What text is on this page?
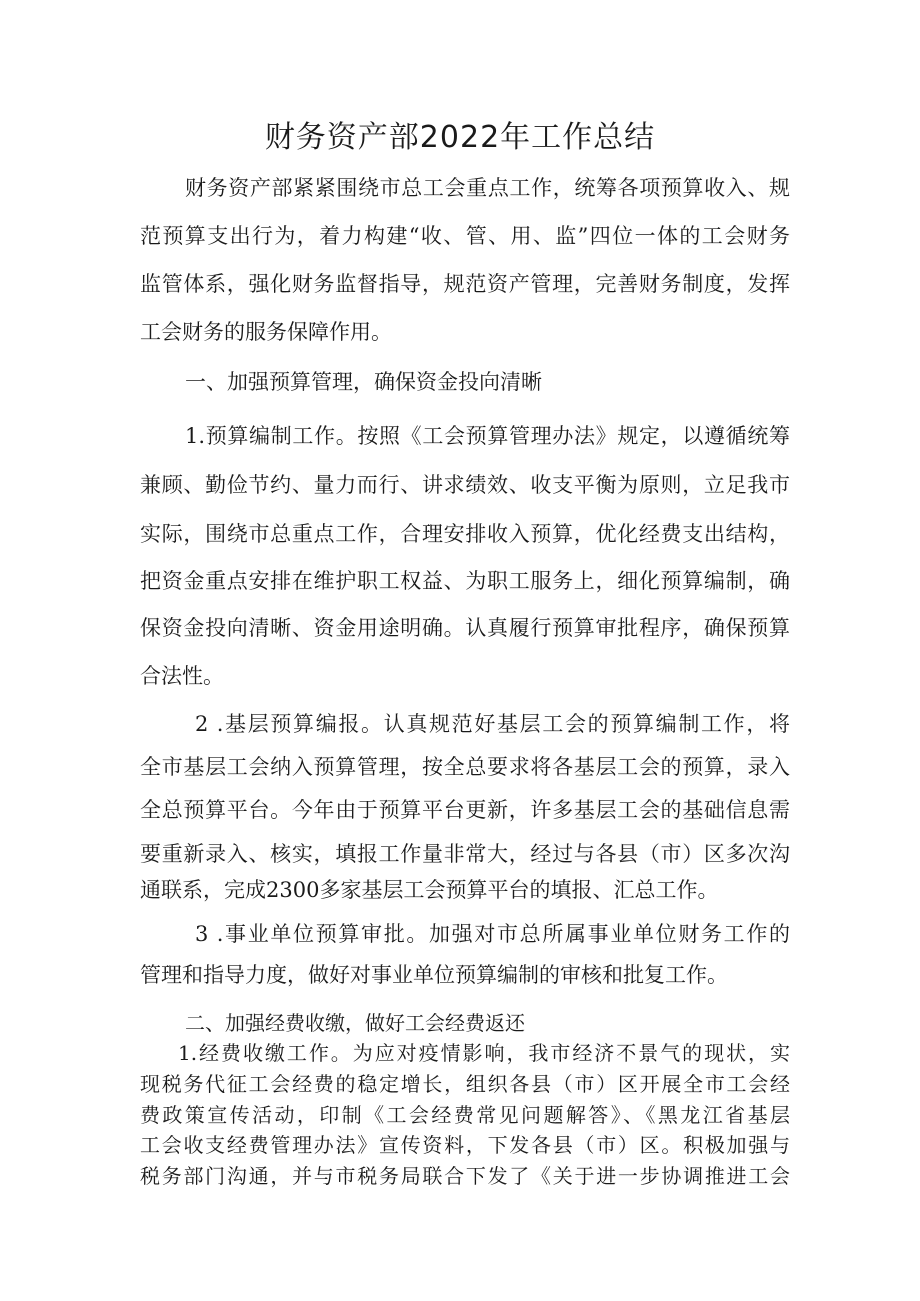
财务资产部2022年工作总结
财务资产部紧紧围绕市总工会重点工作，统筹各项预算收入、规
范预算支出行为，着力构建“收、管、用、监”四位一体的工会财务
监管体系，强化财务监督指导，规范资产管理，完善财务制度，发挥
工会财务的服务保障作用。
一、加强预算管理，确保资金投向清晰
1.预算编制工作。按照《工会预算管理办法》规定，以遵循统筹
兼顾、勤俭节约、量力而行、讲求绩效、收支平衡为原则，立足我市
实际，围绕市总重点工作，合理安排收入预算，优化经费支出结构，
把资金重点安排在维护职工权益、为职工服务上，细化预算编制，确
保资金投向清晰、资金用途明确。认真履行预算审批程序，确保预算
合法性。
2 .基层预算编报。认真规范好基层工会的预算编制工作，将
全市基层工会纳入预算管理，按全总要求将各基层工会的预算，录入
全总预算平台。今年由于预算平台更新，许多基层工会的基础信息需
要重新录入、核实，填报工作量非常大，经过与各县（市）区多次沟
通联系，完成2300多家基层工会预算平台的填报、汇总工作。
3 .事业单位预算审批。加强对市总所属事业单位财务工作的
管理和指导力度，做好对事业单位预算编制的审核和批复工作。
二、加强经费收缴，做好工会经费返还
1.经费收缴工作。为应对疫情影响，我市经济不景气的现状，实
现税务代征工会经费的稳定增长，组织各县（市）区开展全市工会经
费政策宣传活动，印制《工会经费常见问题解答》、《黑龙江省基层
工会收支经费管理办法》宣传资料，下发各县（市）区。积极加强与
税务部门沟通，并与市税务局联合下发了《关于进一步协调推进工会
